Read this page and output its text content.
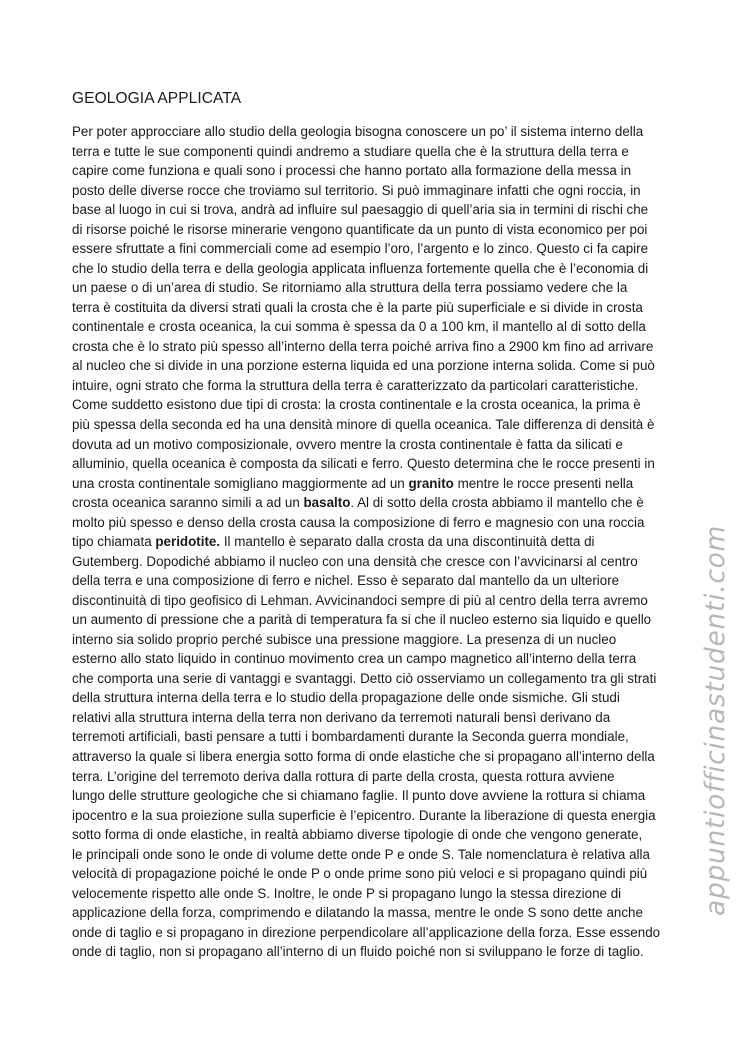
GEOLOGIA APPLICATA
Per poter approcciare allo studio della geologia bisogna conoscere un po’ il sistema interno della
terra e tutte le sue componenti quindi andremo a studiare quella che è la struttura della terra e
capire come funziona e quali sono i processi che hanno portato alla formazione della messa in
posto delle diverse rocce che troviamo sul territorio. Si può immaginare infatti che ogni roccia, in
base al luogo in cui si trova, andrà ad influire sul paesaggio di quell’aria sia in termini di rischi che
di risorse poiché le risorse minerarie vengono quantificate da un punto di vista economico per poi
essere sfruttate a fini commerciali come ad esempio l’oro, l’argento e lo zinco. Questo ci fa capire
che lo studio della terra e della geologia applicata influenza fortemente quella che è l’economia di
un paese o di un’area di studio. Se ritorniamo alla struttura della terra possiamo vedere che la
terra è costituita da diversi strati quali la crosta che è la parte più superficiale e si divide in crosta
continentale e crosta oceanica, la cui somma è spessa da 0 a 100 km, il mantello al di sotto della
crosta che è lo strato più spesso all’interno della terra poiché arriva fino a 2900 km fino ad arrivare
al nucleo che si divide in una porzione esterna liquida ed una porzione interna solida. Come si può
intuire, ogni strato che forma la struttura della terra è caratterizzato da particolari caratteristiche.
Come suddetto esistono due tipi di crosta: la crosta continentale e la crosta oceanica, la prima è
più spessa della seconda ed ha una densità minore di quella oceanica. Tale differenza di densità è
dovuta ad un motivo composizionale, ovvero mentre la crosta continentale è fatta da silicati e
alluminio, quella oceanica è composta da silicati e ferro. Questo determina che le rocce presenti in
una crosta continentale somigliano maggiormente ad un granito mentre le rocce presenti nella
crosta oceanica saranno simili a ad un basalto. Al di sotto della crosta abbiamo il mantello che è
molto più spesso e denso della crosta causa la composizione di ferro e magnesio con una roccia
tipo chiamata peridotite. Il mantello è separato dalla crosta da una discontinuità detta di
Gutemberg. Dopodiché abbiamo il nucleo con una densità che cresce con l’avvicinarsi al centro
della terra e una composizione di ferro e nichel. Esso è separato dal mantello da un ulteriore
discontinuità di tipo geofisico di Lehman. Avvicinandoci sempre di più al centro della terra avremo
un aumento di pressione che a parità di temperatura fa si che il nucleo esterno sia liquido e quello
interno sia solido proprio perché subisce una pressione maggiore. La presenza di un nucleo
esterno allo stato liquido in continuo movimento crea un campo magnetico all’interno della terra
che comporta una serie di vantaggi e svantaggi. Detto ciò osserviamo un collegamento tra gli strati
della struttura interna della terra e lo studio della propagazione delle onde sismiche. Gli studi
relativi alla struttura interna della terra non derivano da terremoti naturali bensì derivano da
terremoti artificiali, basti pensare a tutti i bombardamenti durante la Seconda guerra mondiale,
attraverso la quale si libera energia sotto forma di onde elastiche che si propagano all’interno della
terra. L’origine del terremoto deriva dalla rottura di parte della crosta, questa rottura avviene
lungo delle strutture geologiche che si chiamano faglie. Il punto dove avviene la rottura si chiama
ipocentro e la sua proiezione sulla superficie è l’epicentro. Durante la liberazione di questa energia
sotto forma di onde elastiche, in realtà abbiamo diverse tipologie di onde che vengono generate,
le principali onde sono le onde di volume dette onde P e onde S. Tale nomenclatura è relativa alla
velocità di propagazione poiché le onde P o onde prime sono più veloci e si propagano quindi più
velocemente rispetto alle onde S. Inoltre, le onde P si propagano lungo la stessa direzione di
applicazione della forza, comprimendo e dilatando la massa, mentre le onde S sono dette anche
onde di taglio e si propagano in direzione perpendicolare all’applicazione della forza. Esse essendo
onde di taglio, non si propagano all’interno di un fluido poiché non si sviluppano le forze di taglio.
appuntiofficinastudenti.com
